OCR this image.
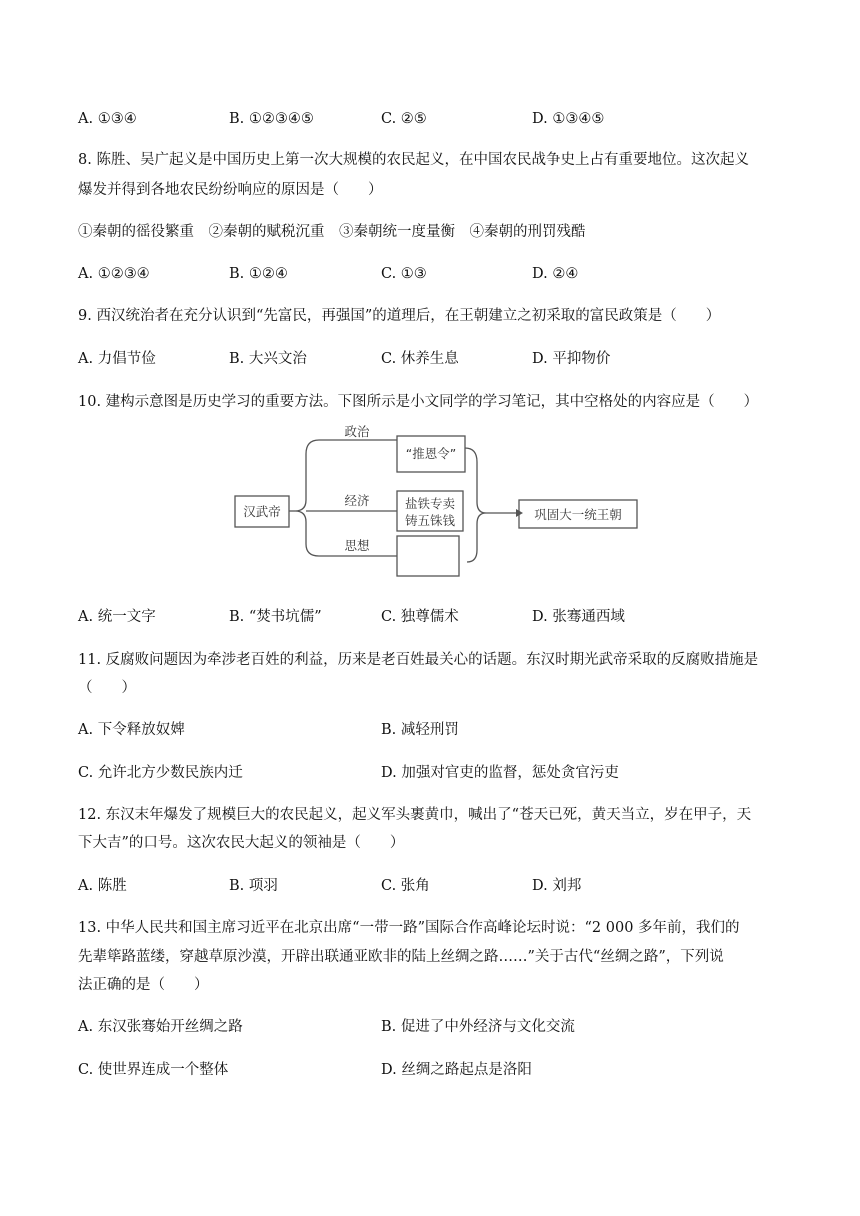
A. ①③④	B. ①②③④⑤	C. ②⑤	D. ①③④⑤
8. 陈胜、吴广起义是中国历史上第一次大规模的农民起义，在中国农民战争史上占有重要地位。这次起义
爆发并得到各地农民纷纷响应的原因是（　　）
①秦朝的徭役繁重　②秦朝的赋税沉重　③秦朝统一度量衡　④秦朝的刑罚残酷
A. ①②③④	B. ①②④	C. ①③	D. ②④
9. 西汉统治者在充分认识到“先富民，再强国”的道理后，在王朝建立之初采取的富民政策是（　　）
A. 力倡节俭	B. 大兴文治	C. 休养生息	D. 平抑物价
10. 建构示意图是历史学习的重要方法。下图所示是小文同学的学习笔记，其中空格处的内容应是（　　）
汉武帝
政治
经济
思想
“推恩令”
盐铁专卖
铸五铢钱	巩固大一统王朝
A. 统一文字	B. “焚书坑儒”	C. 独尊儒术	D. 张骞通西域
11. 反腐败问题因为牵涉老百姓的利益，历来是老百姓最关心的话题。东汉时期光武帝采取的反腐败措施是
（　　）
A. 下令释放奴婢	B. 减轻刑罚
C. 允许北方少数民族内迁	D. 加强对官吏的监督，惩处贪官污吏
12. 东汉末年爆发了规模巨大的农民起义，起义军头裹黄巾，喊出了“苍天已死，黄天当立，岁在甲子，天
下大吉”的口号。这次农民大起义的领袖是（　　）
A. 陈胜	B. 项羽	C. 张角	D. 刘邦
13. 中华人民共和国主席习近平在北京出席“一带一路”国际合作高峰论坛时说：“2 000 多年前，我们的
先辈筚路蓝缕，穿越草原沙漠，开辟出联通亚欧非的陆上丝绸之路……”关于古代“丝绸之路”，下列说
法正确的是（　　）
A. 东汉张骞始开丝绸之路	B. 促进了中外经济与文化交流
C. 使世界连成一个整体	D. 丝绸之路起点是洛阳
